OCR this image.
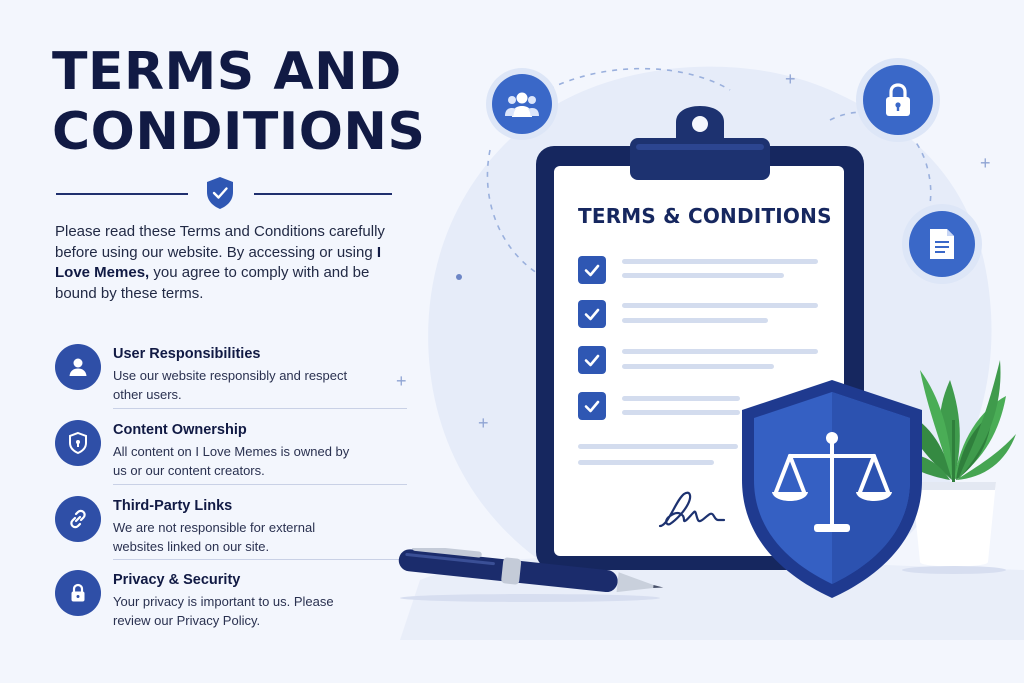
TERMS AND
CONDITIONS

Please read these Terms and Conditions carefully before using our website. By accessing or using I Love Memes, you agree to comply with and be bound by these terms.

User Responsibilities
Use our website responsibly and respect other users.
Content Ownership
All content on I Love Memes is owned by us or our content creators.
Third-Party Links
We are not responsible for external websites linked on our site.
Privacy & Security
Your privacy is important to us. Please review our Privacy Policy.
+
+
+
+
TERMS & CONDITIONS
